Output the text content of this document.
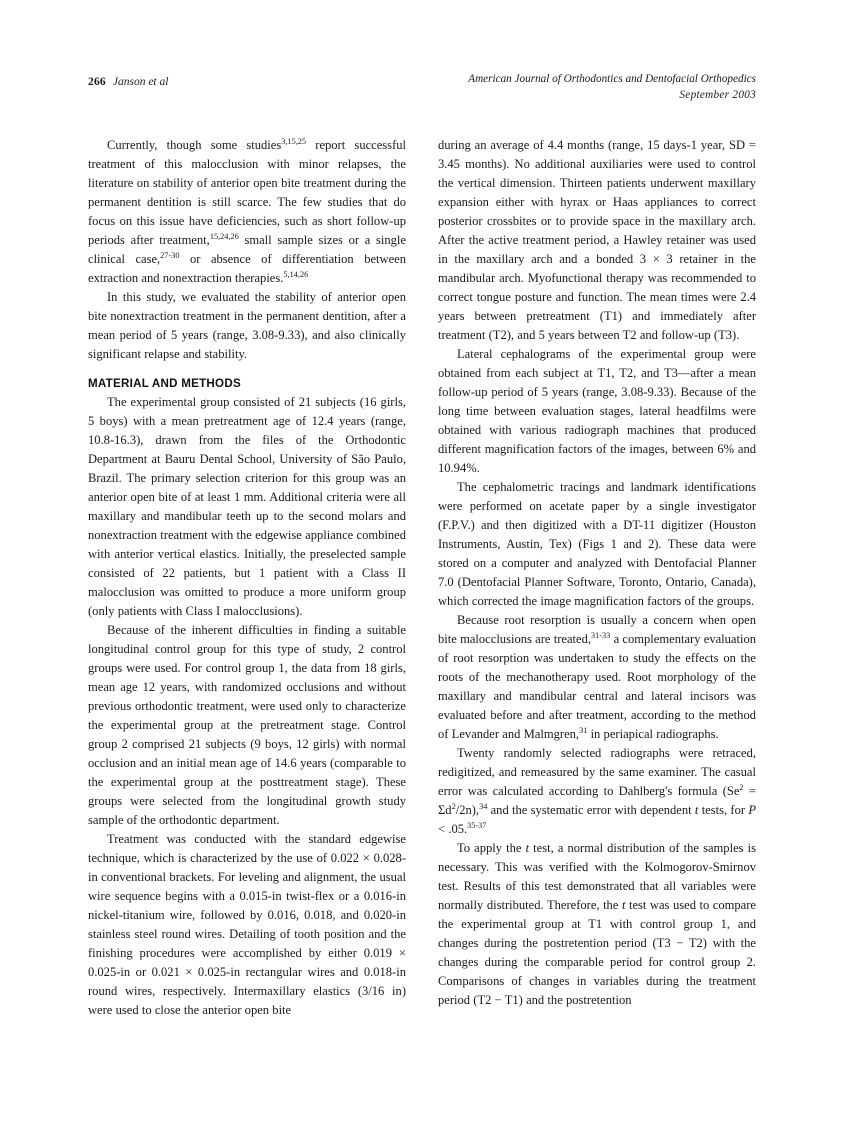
266 Janson et al	American Journal of Orthodontics and Dentofacial Orthopedics
September 2003

Currently, though some studies$^{3,15,25}$ report successful treatment of this malocclusion with minor relapses, the literature on stability of anterior open bite treatment during the permanent dentition is still scarce. The few studies that do focus on this issue have deficiencies, such as short follow-up periods after treatment,$^{15,24,26}$ small sample sizes or a single clinical case,$^{27-30}$ or absence of differentiation between extraction and nonextraction therapies.$^{5,14,26}$

In this study, we evaluated the stability of anterior open bite nonextraction treatment in the permanent dentition, after a mean period of 5 years (range, 3.08-9.33), and also clinically significant relapse and stability.

MATERIAL AND METHODS

The experimental group consisted of 21 subjects (16 girls, 5 boys) with a mean pretreatment age of 12.4 years (range, 10.8-16.3), drawn from the files of the Orthodontic Department at Bauru Dental School, University of São Paulo, Brazil. The primary selection criterion for this group was an anterior open bite of at least 1 mm. Additional criteria were all maxillary and mandibular teeth up to the second molars and nonextraction treatment with the edgewise appliance combined with anterior vertical elastics. Initially, the preselected sample consisted of 22 patients, but 1 patient with a Class II malocclusion was omitted to produce a more uniform group (only patients with Class I malocclusions).

Because of the inherent difficulties in finding a suitable longitudinal control group for this type of study, 2 control groups were used. For control group 1, the data from 18 girls, mean age 12 years, with randomized occlusions and without previous orthodontic treatment, were used only to characterize the experimental group at the pretreatment stage. Control group 2 comprised 21 subjects (9 boys, 12 girls) with normal occlusion and an initial mean age of 14.6 years (comparable to the experimental group at the posttreatment stage). These groups were selected from the longitudinal growth study sample of the orthodontic department.

Treatment was conducted with the standard edgewise technique, which is characterized by the use of 0.022 × 0.028-in conventional brackets. For leveling and alignment, the usual wire sequence begins with a 0.015-in twist-flex or a 0.016-in nickel-titanium wire, followed by 0.016, 0.018, and 0.020-in stainless steel round wires. Detailing of tooth position and the finishing procedures were accomplished by either 0.019 × 0.025-in or 0.021 × 0.025-in rectangular wires and 0.018-in round wires, respectively. Intermaxillary elastics (3/16 in) were used to close the anterior open bite

during an average of 4.4 months (range, 15 days-1 year, SD = 3.45 months). No additional auxiliaries were used to control the vertical dimension. Thirteen patients underwent maxillary expansion either with hyrax or Haas appliances to correct posterior crossbites or to provide space in the maxillary arch. After the active treatment period, a Hawley retainer was used in the maxillary arch and a bonded 3 × 3 retainer in the mandibular arch. Myofunctional therapy was recommended to correct tongue posture and function. The mean times were 2.4 years between pretreatment (T1) and immediately after treatment (T2), and 5 years between T2 and follow-up (T3).

Lateral cephalograms of the experimental group were obtained from each subject at T1, T2, and T3—after a mean follow-up period of 5 years (range, 3.08-9.33). Because of the long time between evaluation stages, lateral headfilms were obtained with various radiograph machines that produced different magnification factors of the images, between 6% and 10.94%.

The cephalometric tracings and landmark identifications were performed on acetate paper by a single investigator (F.P.V.) and then digitized with a DT-11 digitizer (Houston Instruments, Austin, Tex) (Figs 1 and 2). These data were stored on a computer and analyzed with Dentofacial Planner 7.0 (Dentofacial Planner Software, Toronto, Ontario, Canada), which corrected the image magnification factors of the groups.

Because root resorption is usually a concern when open bite malocclusions are treated,$^{31-33}$ a complementary evaluation of root resorption was undertaken to study the effects on the roots of the mechanotherapy used. Root morphology of the maxillary and mandibular central and lateral incisors was evaluated before and after treatment, according to the method of Levander and Malmgren,$^{31}$ in periapical radiographs.

Twenty randomly selected radiographs were retraced, redigitized, and remeasured by the same examiner. The casual error was calculated according to Dahlberg's formula $(Se^2 = \Sigma d^2/2n),^{34}$ and the systematic error with dependent t tests, for P < .05.$^{35-37}$

To apply the t test, a normal distribution of the samples is necessary. This was verified with the Kolmogorov-Smirnov test. Results of this test demonstrated that all variables were normally distributed. Therefore, the t test was used to compare the experimental group at T1 with control group 1, and changes during the postretention period (T3 − T2) with the changes during the comparable period for control group 2. Comparisons of changes in variables during the treatment period (T2 − T1) and the postretention
